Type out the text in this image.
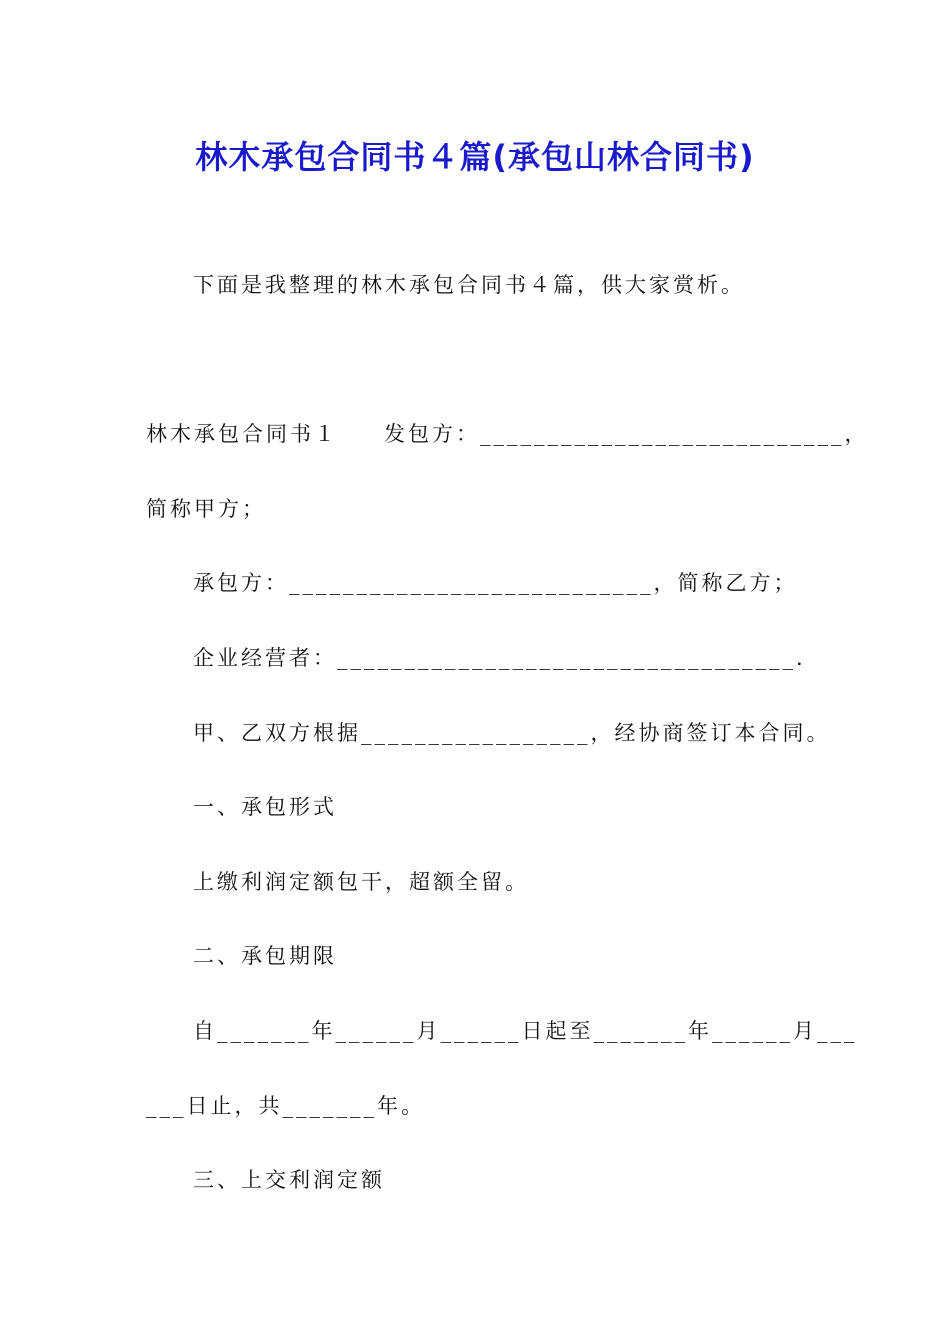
林木承包合同书４篇(承包山林合同书)
下面是我整理的林木承包合同书４篇，供大家赏析。
林木承包合同书１ 发包方：___________________________，
简称甲方；
承包方：___________________________，简称乙方；
企业经营者：__________________________________.
甲、乙双方根据_________________，经协商签订本合同。
一、承包形式
上缴利润定额包干，超额全留。
二、承包期限
自_______年______月______日起至_______年______月___
___日止，共_______年。
三、上交利润定额
